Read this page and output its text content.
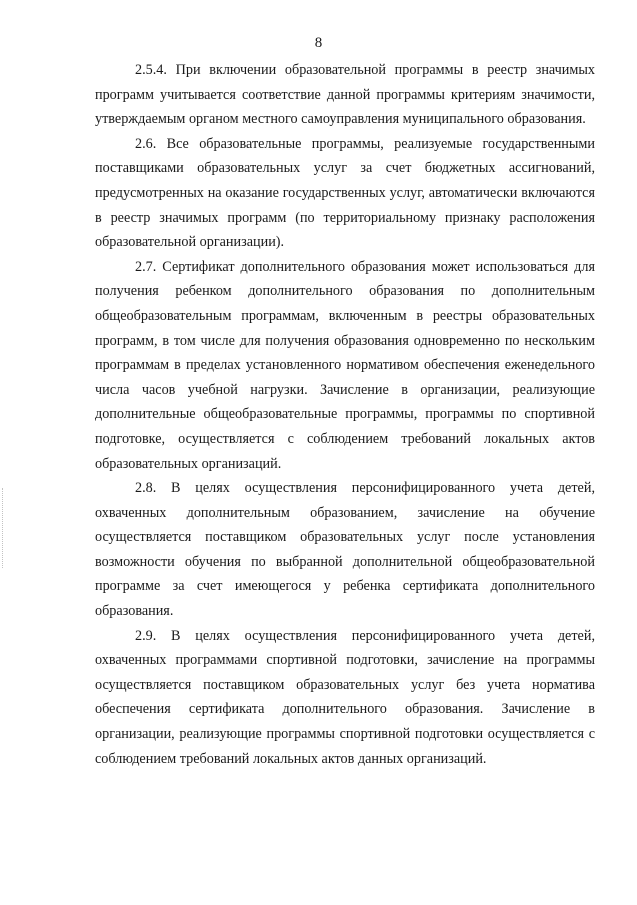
8

2.5.4. При включении образовательной программы в реестр значимых программ учитывается соответствие данной программы критериям значимости, утверждаемым органом местного самоуправления муниципального образования.

2.6. Все образовательные программы, реализуемые государственными поставщиками образовательных услуг за счет бюджетных ассигнований, предусмотренных на оказание государственных услуг, автоматически включаются в реестр значимых программ (по территориальному признаку расположения образовательной организации).

2.7. Сертификат дополнительного образования может использоваться для получения ребенком дополнительного образования по дополнительным общеобразовательным программам, включенным в реестры образовательных программ, в том числе для получения образования одновременно по нескольким программам в пределах установленного нормативом обеспечения еженедельного числа часов учебной нагрузки. Зачисление в организации, реализующие дополнительные общеобразовательные программы, программы по спортивной подготовке, осуществляется с соблюдением требований локальных актов образовательных организаций.

2.8. В целях осуществления персонифицированного учета детей, охваченных дополнительным образованием, зачисление на обучение осуществляется поставщиком образовательных услуг после установления возможности обучения по выбранной дополнительной общеобразовательной программе за счет имеющегося у ребенка сертификата дополнительного образования.

2.9. В целях осуществления персонифицированного учета детей, охваченных программами спортивной подготовки, зачисление на программы осуществляется поставщиком образовательных услуг без учета норматива обеспечения сертификата дополнительного образования. Зачисление в организации, реализующие программы спортивной подготовки осуществляется с соблюдением требований локальных актов данных организаций.
